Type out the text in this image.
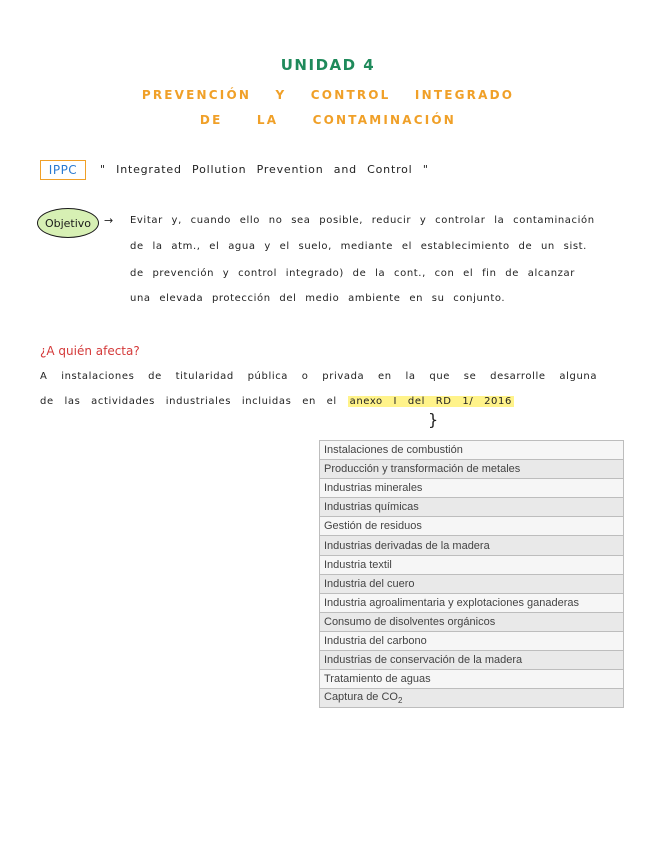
UNIDAD 4
PREVENCIÓN Y CONTROL INTEGRADO
DE	LA	CONTAMINACIÓN
IPPC	" Integrated Pollution Prevention and Control "
Objetivo	→ Evitar y, cuando ello no sea posible, reducir y controlar la contaminación
de la atm., el agua y el suelo, mediante el establecimiento de un sist.
de prevención y control integrado) de la cont., con el fin de alcanzar
una elevada protección del medio ambiente en su conjunto.
¿A quién afecta?
A instalaciones de titularidad pública o privada en la que se desarrolle alguna
de las actividades industriales incluidas en el anexo I del RD 1/ 2016
}
Instalaciones de combustión
Producción y transformación de metales
Industrias minerales
Industrias químicas
Gestión de residuos
Industrias derivadas de la madera
Industria textil
Industria del cuero
Industria agroalimentaria y explotaciones ganaderas
Consumo de disolventes orgánicos
Industria del carbono
Industrias de conservación de la madera
Tratamiento de aguas
Captura de $CO_2$
